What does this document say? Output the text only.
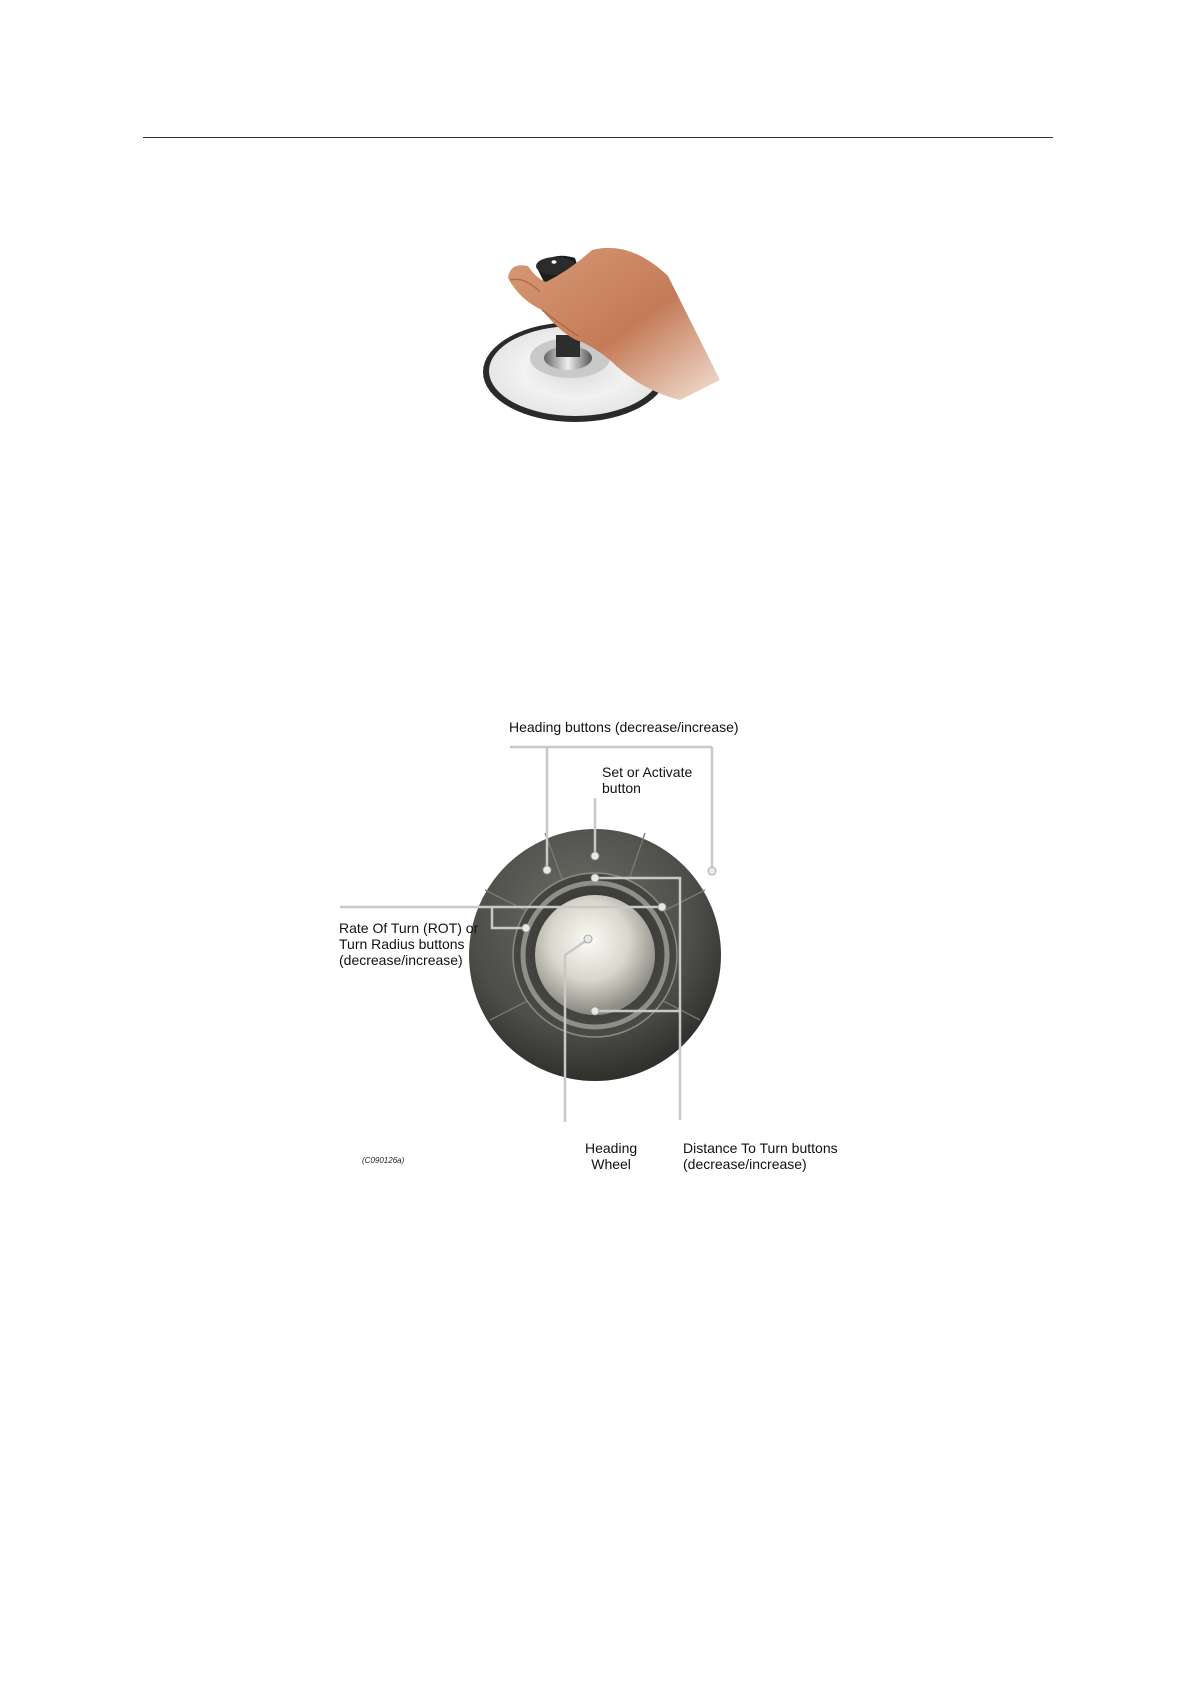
Heading buttons (decrease/increase)
Set or Activate
button
Rate Of Turn (ROT) or
Turn Radius buttons
(decrease/increase)
Heading
Wheel
Distance To Turn buttons
(decrease/increase)
(C090126a)
